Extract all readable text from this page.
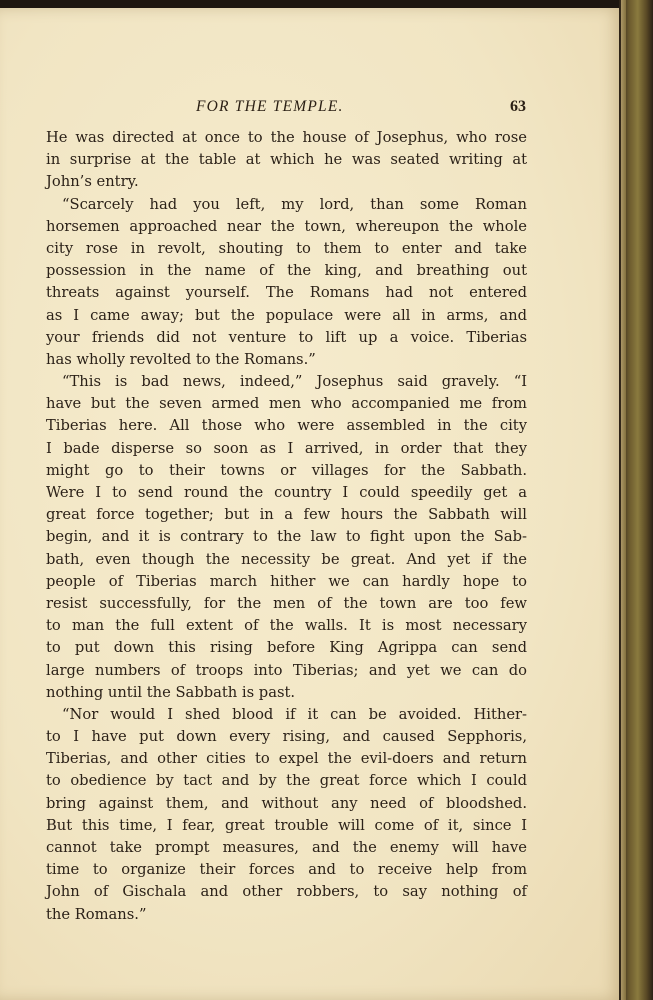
FOR THE TEMPLE.	63
He was directed at once to the house of Josephus, who rose
in surprise at the table at which he was seated writing at
John’s entry.
“Scarcely had you left, my lord, than some Roman
horsemen approached near the town, whereupon the whole
city rose in revolt, shouting to them to enter and take
possession in the name of the king, and breathing out
threats against yourself. The Romans had not entered
as I came away; but the populace were all in arms, and
your friends did not venture to lift up a voice. Tiberias
has wholly revolted to the Romans.”
“This is bad news, indeed,” Josephus said gravely. “I
have but the seven armed men who accompanied me from
Tiberias here. All those who were assembled in the city
I bade disperse so soon as I arrived, in order that they
might go to their towns or villages for the Sabbath.
Were I to send round the country I could speedily get a
great force together; but in a few hours the Sabbath will
begin, and it is contrary to the law to fight upon the Sab-
bath, even though the necessity be great. And yet if the
people of Tiberias march hither we can hardly hope to
resist successfully, for the men of the town are too few
to man the full extent of the walls. It is most necessary
to put down this rising before King Agrippa can send
large numbers of troops into Tiberias; and yet we can do
nothing until the Sabbath is past.
“Nor would I shed blood if it can be avoided. Hither-
to I have put down every rising, and caused Sepphoris,
Tiberias, and other cities to expel the evil-doers and return
to obedience by tact and by the great force which I could
bring against them, and without any need of bloodshed.
But this time, I fear, great trouble will come of it, since I
cannot take prompt measures, and the enemy will have
time to organize their forces and to receive help from
John of Gischala and other robbers, to say nothing of
the Romans.”
